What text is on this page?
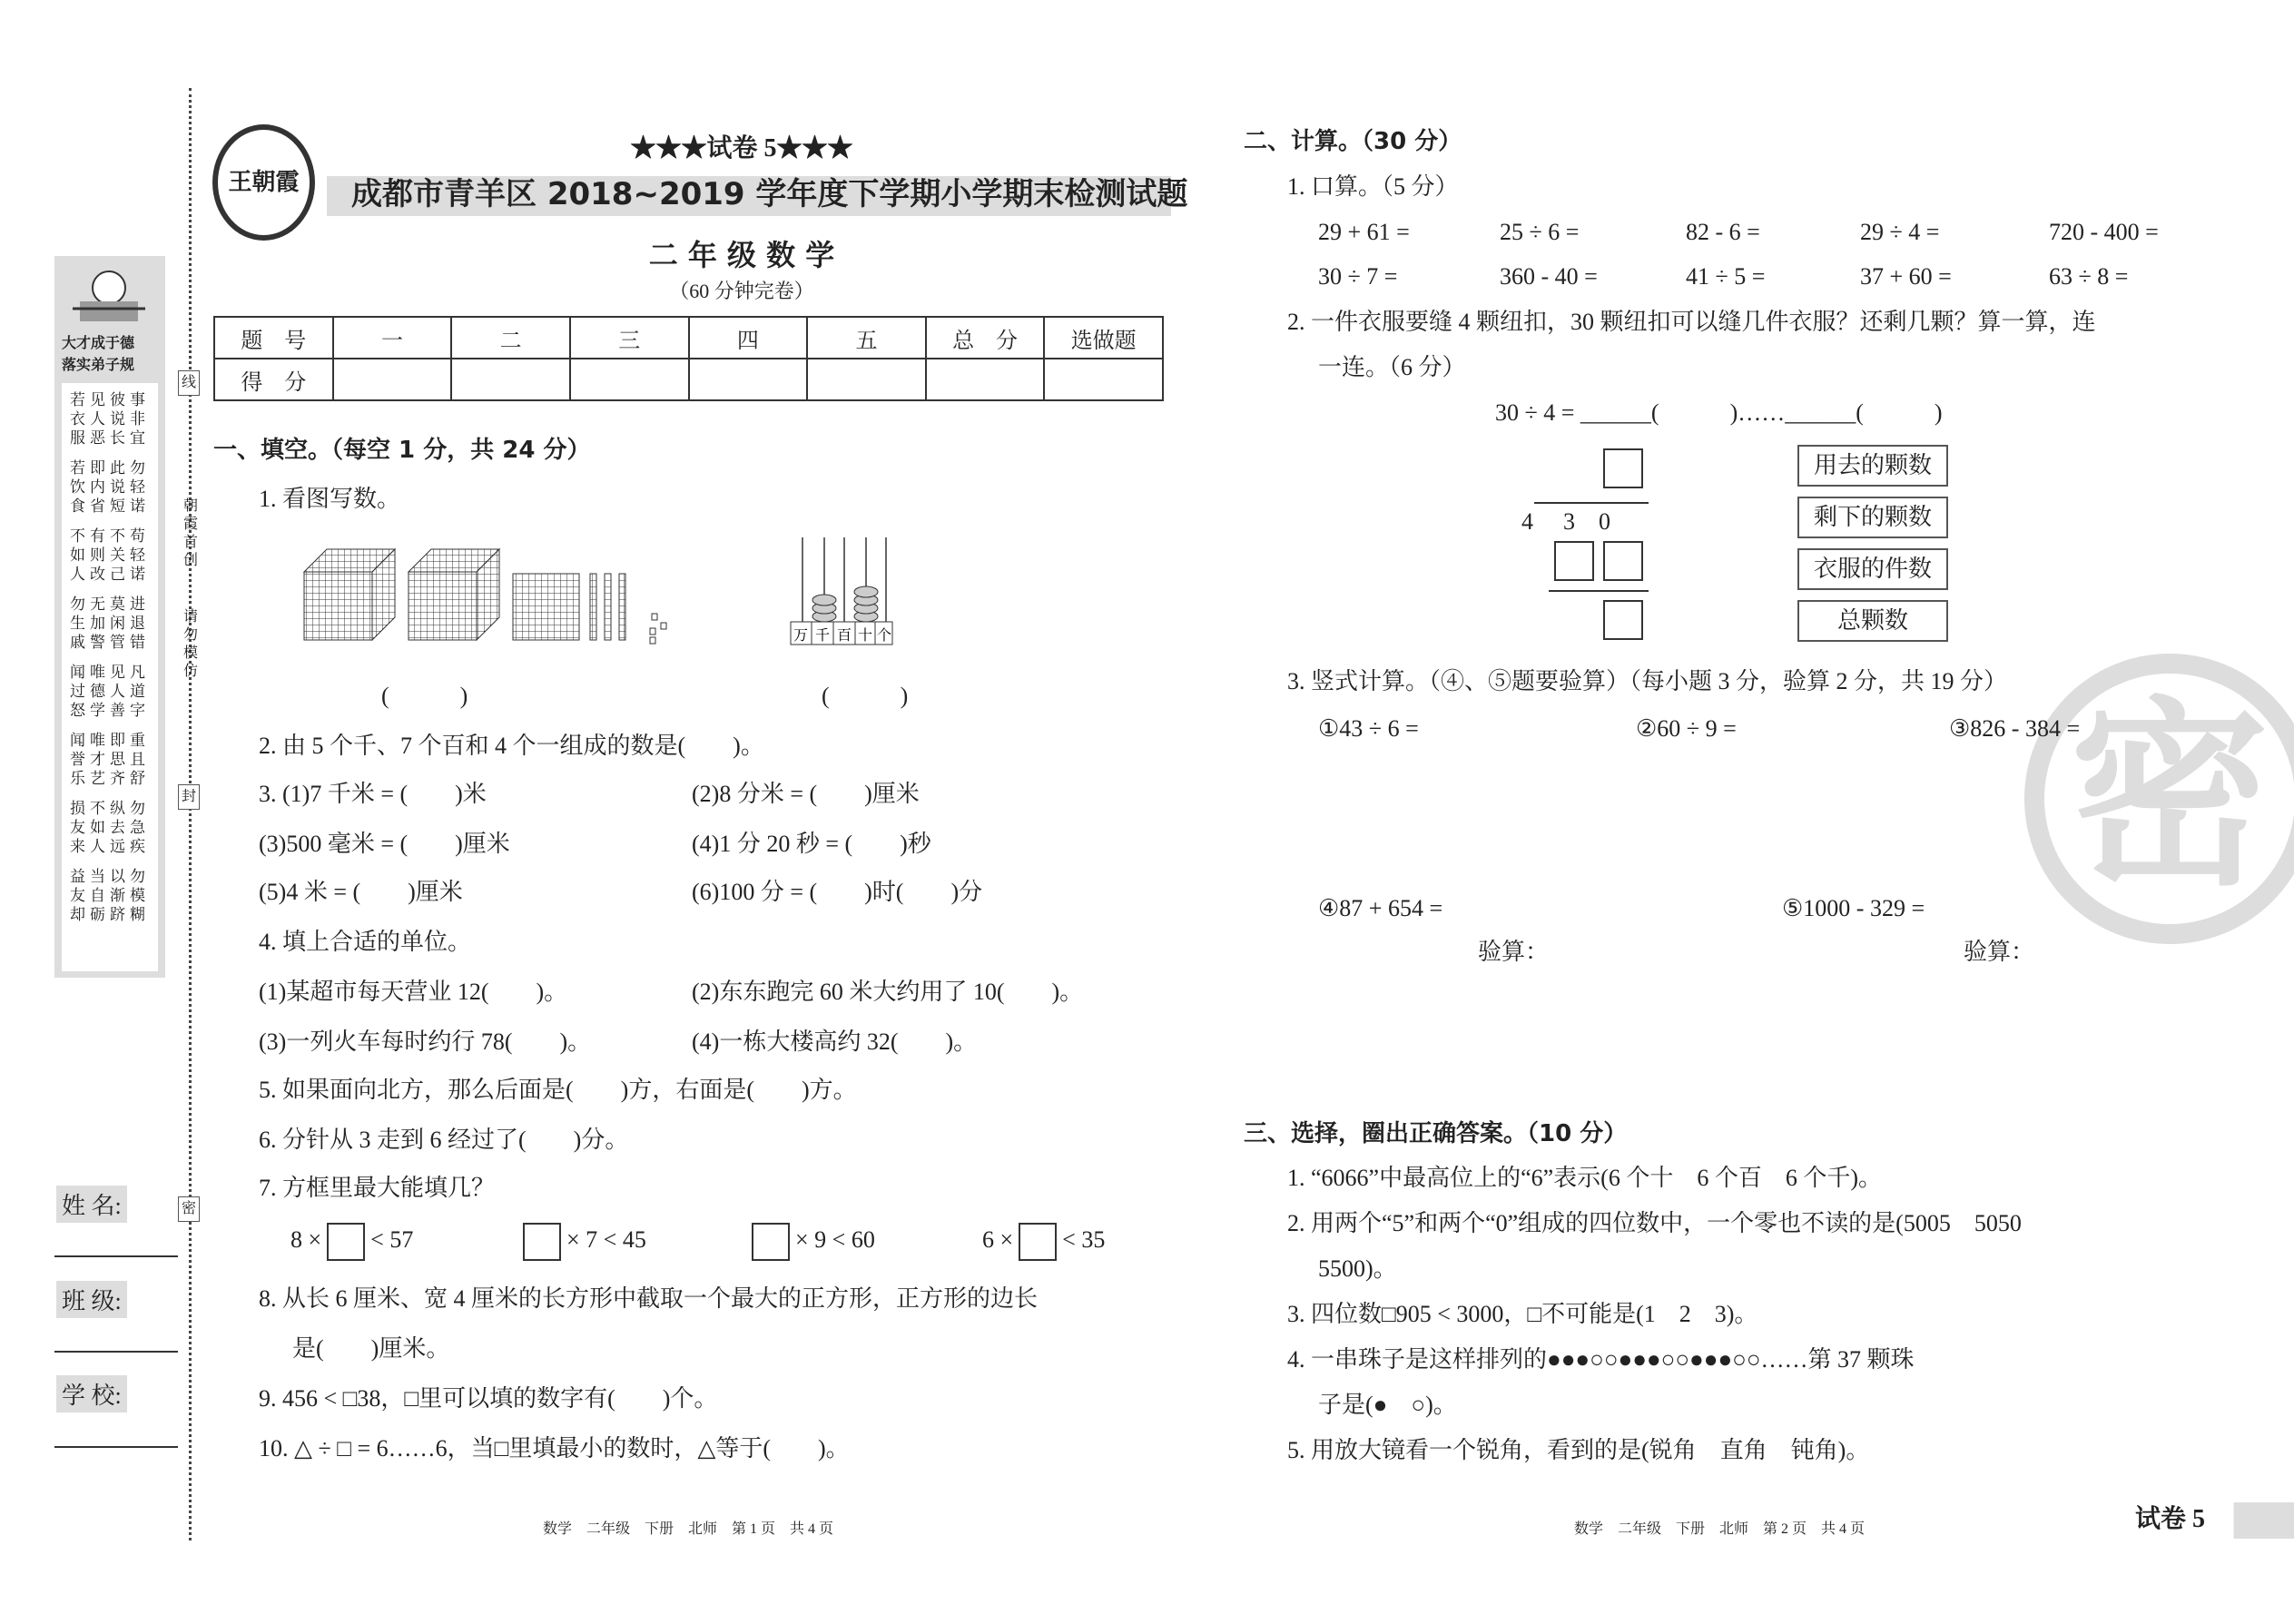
大才成于德
落实弟子规
若见彼事
衣人说非
服恶长宜
若即此勿
饮内说轻
食省短诺
不有不苟
如则关轻
人改己诺
勿无莫进
生加闲退
戚警管错
闻唯见凡
过德人道
怒学善字
闻唯即重
誉才思且
乐艺齐舒
损不纵勿
友如去急
来人远疾
益当以勿
友自渐模
却砺跻糊
线
封
密
朝霞首创
请勿模仿
姓 名:
班 级:
学 校:
王朝霞
★★★试卷 5★★★
成都市青羊区 2018~2019 学年度下学期小学期末检测试题
二 年 级 数 学
（60 分钟完卷）
题　号	一	二	三	四	五	总　分	选做题
得　分							
一、填空。（每空 1 分，共 24 分）
1. 看图写数。
万 千 百 十 个
(　　　)	(　　　)
2. 由 5 个千、7 个百和 4 个一组成的数是(　　)。
3. (1)7 千米 = (　　)米	(2)8 分米 = (　　)厘米
(3)500 毫米 = (　　)厘米	(4)1 分 20 秒 = (　　)秒
(5)4 米 = (　　)厘米	(6)100 分 = (　　)时(　　)分
4. 填上合适的单位。
(1)某超市每天营业 12(　　)。	(2)东东跑完 60 米大约用了 10(　　)。
(3)一列火车每时约行 78(　　)。	(4)一栋大楼高约 32(　　)。
5. 如果面向北方，那么后面是(　　)方，右面是(　　)方。
6. 分针从 3 走到 6 经过了(　　)分。
7. 方框里最大能填几？
8 × < 57	× 7 < 45	× 9 < 60	6 × < 35
8. 从长 6 厘米、宽 4 厘米的长方形中截取一个最大的正方形，正方形的边长
是(　　)厘米。
9. 456 < □38，□里可以填的数字有(　　)个。
10. △ ÷ □ = 6……6，当□里填最小的数时，△等于(　　)。
数学　二年级　下册　北师　第 1 页　共 4 页
密
二、计算。（30 分）
1. 口算。（5 分）
29 + 61 =	25 ÷ 6 =	82 - 6 =	29 ÷ 4 =	720 - 400 =
30 ÷ 7 =	360 - 40 =	41 ÷ 5 =	37 + 60 =	63 ÷ 8 =
2. 一件衣服要缝 4 颗纽扣，30 颗纽扣可以缝几件衣服？还剩几颗？算一算，连
一连。（6 分）
30 ÷ 4 = ______(　　　)……______(　　　)
4 3　0
用去的颗数
剩下的颗数
衣服的件数
总颗数
3. 竖式计算。（④、⑤题要验算）（每小题 3 分，验算 2 分，共 19 分）
①43 ÷ 6 =	②60 ÷ 9 =	③826 - 384 =
④87 + 654 =	⑤1000 - 329 =
验算：	验算：
三、选择，圈出正确答案。（10 分）
1. “6066”中最高位上的“6”表示(6 个十　6 个百　6 个千)。
2. 用两个“5”和两个“0”组成的四位数中，一个零也不读的是(5005　5050
5500)。
3. 四位数□905 < 3000，□不可能是(1　2　3)。
4. 一串珠子是这样排列的●●●○○●●●○○●●●○○……第 37 颗珠
子是(●　○)。
5. 用放大镜看一个锐角，看到的是(锐角　直角　钝角)。
数学　二年级　下册　北师　第 2 页　共 4 页	试卷 5
